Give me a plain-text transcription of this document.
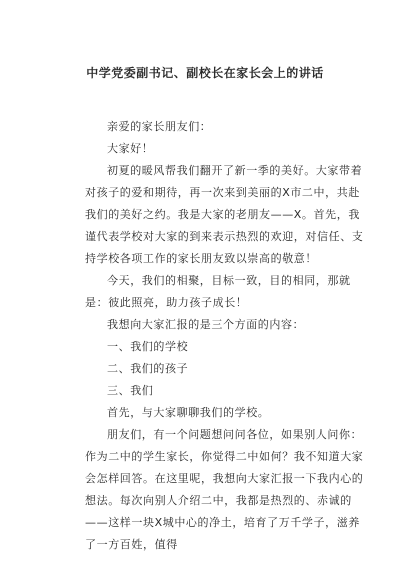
中学党委副书记、副校长在家长会上的讲话

亲爱的家长朋友们：

大家好！

初夏的暖风帮我们翻开了新一季的美好。大家带着对孩子的爱和期待，再一次来到美丽的X市二中，共赴我们的美好之约。我是大家的老朋友——X。首先，我谨代表学校对大家的到来表示热烈的欢迎，对信任、支持学校各项工作的家长朋友致以崇高的敬意！

今天，我们的相聚，目标一致，目的相同，那就是：彼此照亮，助力孩子成长！

我想向大家汇报的是三个方面的内容：

一、我们的学校

二、我们的孩子

三、我们

首先，与大家聊聊我们的学校。

朋友们，有一个问题想问问各位，如果别人问你：作为二中的学生家长，你觉得二中如何？我不知道大家会怎样回答。在这里呢，我想向大家汇报一下我内心的想法。每次向别人介绍二中，我都是热烈的、赤诚的——这样一块X城中心的净土，培育了万千学子，滋养了一方百姓，值得
